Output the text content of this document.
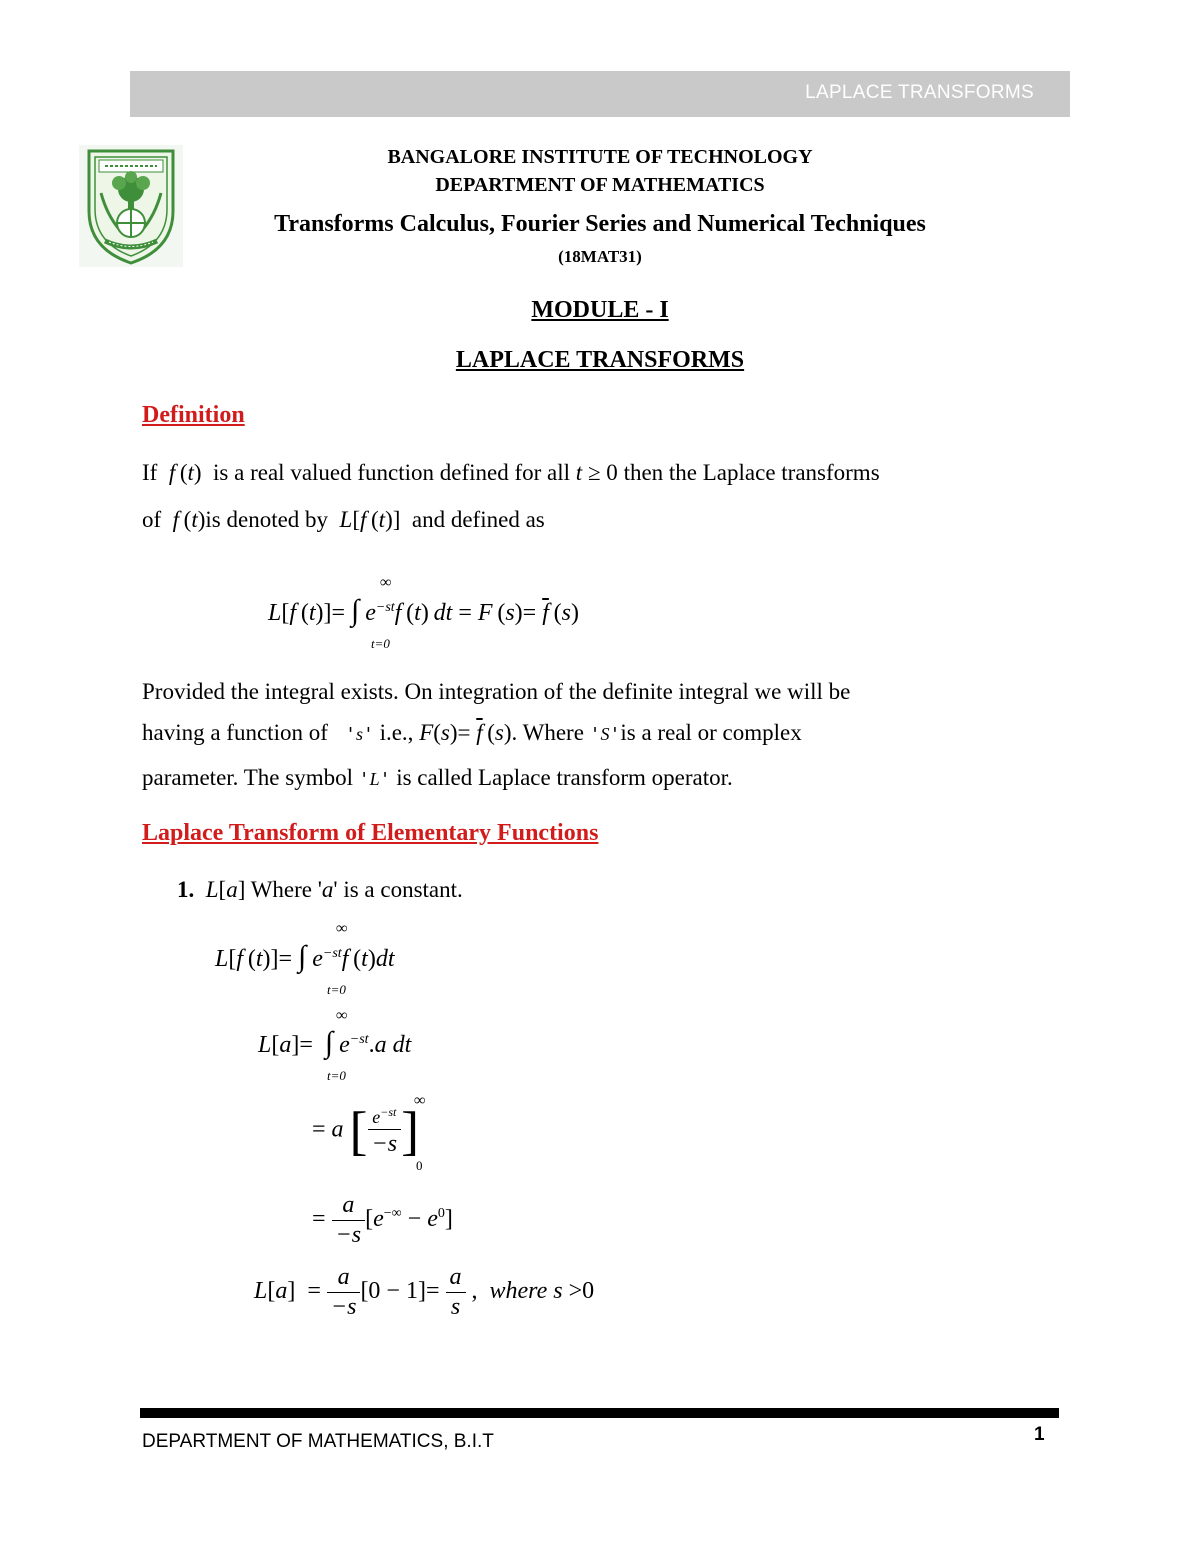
LAPLACE TRANSFORMS
BANGALORE INSTITUTE OF TECHNOLOGY
DEPARTMENT OF MATHEMATICS
Transforms Calculus, Fourier Series and Numerical Techniques
(18MAT31)
MODULE - I
LAPLACE TRANSFORMS
Definition
If f (t)  is a real valued function defined for all t ≥ 0 then the Laplace transforms
of f (t)is denoted by L[f (t)]  and defined as
L[f (t)]= ∫ $e^{-st}f$ (t) dt = F $(s)= \overline{f}$ (s)
∞
t=0
Provided the integral exists. On integration of the definite integral we will be
having a function of 's' i.e., $F(s)= \overline{f}$ (s). Where 'S'is a real or complex
parameter. The symbol 'L' is called Laplace transform operator.
Laplace Transform of Elementary Functions
1. L[a] Where 'a' is a constant.
L[f (t)]= ∫ $e^{-st}f$ (t)dt
∞
t=0
L[a]=  ∫ $e^{-st}.a$ dt
∞
t=0
= a [ $\frac{e^{-st}}{-s}$ ]
∞
0
= $\frac{a}{-s} [e^{-\infty} - e^0]$
$L[a] = \frac{a}{-s} [0 - 1]= \frac{a}{s}$ ,  where s >0
DEPARTMENT OF MATHEMATICS, B.I.T	1
